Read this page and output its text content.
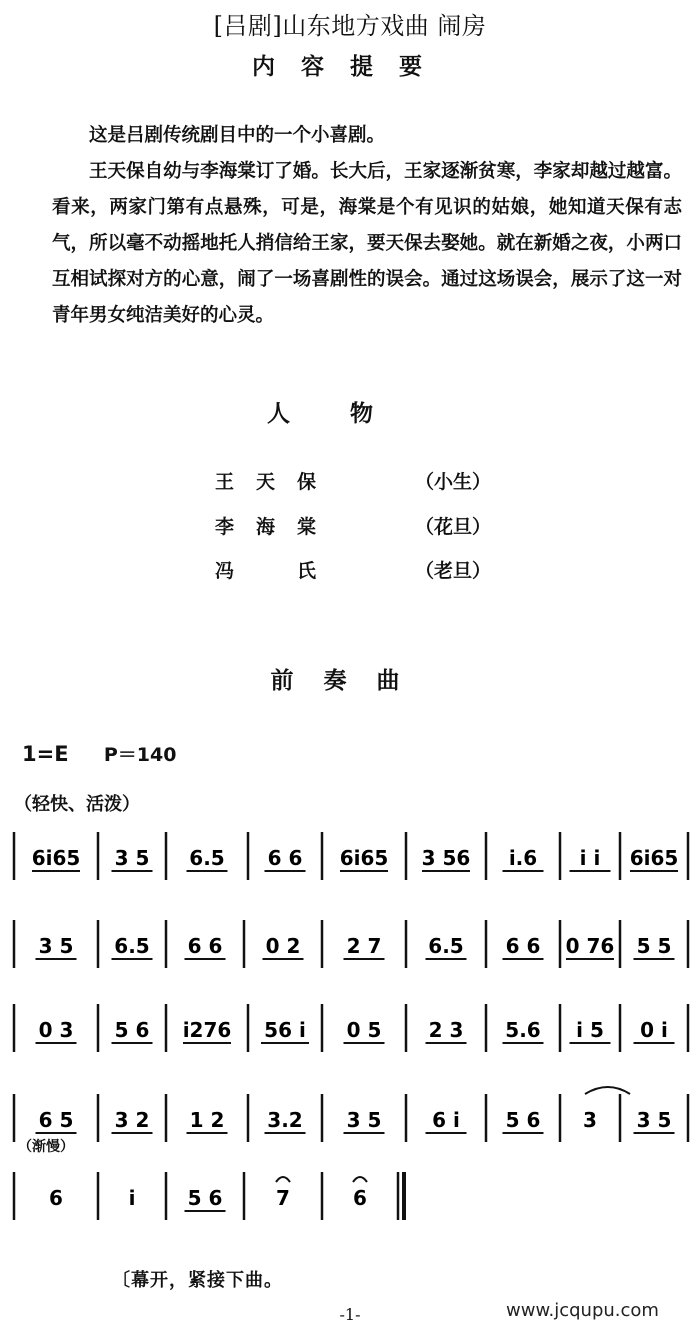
[吕剧]山东地方戏曲 闹房
内容提要

这是吕剧传统剧目中的一个小喜剧。

王天保自幼与李海棠订了婚。长大后，王家逐渐贫寒，李家却越过越富。看来，两家门第有点悬殊，可是，海棠是个有见识的姑娘，她知道天保有志气，所以毫不动摇地托人捎信给王家，要天保去娶她。就在新婚之夜，小两口互相试探对方的心意，闹了一场喜剧性的误会。通过这场误会，展示了这一对青年男女纯洁美好的心灵。

人物
王天保	（小生）
李海棠	（花旦）
冯　氏	（老旦）
前奏曲
1=E P＝140
（轻快、活泼）
（渐慢）
6i65 3 5 6.5 6 6 6i65 3 56 i.6 i i 6i65
3 5 6.5 6 6 0 2 2 7 6.5 6 6 0 76 5 5
0 3 5 6 i276 56 i 0 5 2 3 5.6 i 5 0 i
6 5 3 2 1 2 3.2 3 5	6 i 5 6 3 3 5
6	i	5 6	7	6
〔幕开，紧接下曲。
-1-	www.jcqupu.com
